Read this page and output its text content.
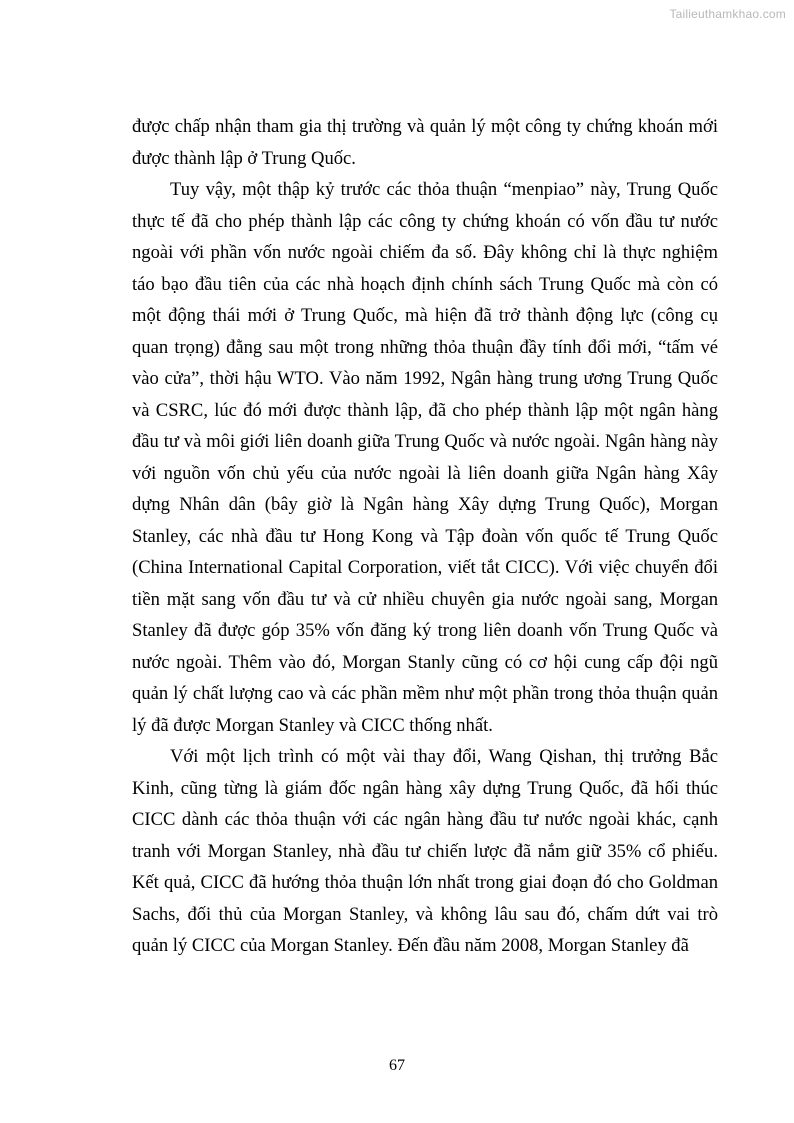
Tailieuthamkhao.com

được chấp nhận tham gia thị trường và quản lý một công ty chứng khoán mới được thành lập ở Trung Quốc.

Tuy vậy, một thập kỷ trước các thỏa thuận “menpiao” này, Trung Quốc thực tế đã cho phép thành lập các công ty chứng khoán có vốn đầu tư nước ngoài với phần vốn nước ngoài chiếm đa số. Đây không chỉ là thực nghiệm táo bạo đầu tiên của các nhà hoạch định chính sách Trung Quốc mà còn có một động thái mới ở Trung Quốc, mà hiện đã trở thành động lực (công cụ quan trọng) đằng sau một trong những thỏa thuận đầy tính đổi mới, “tấm vé vào cửa”, thời hậu WTO. Vào năm 1992, Ngân hàng trung ương Trung Quốc và CSRC, lúc đó mới được thành lập, đã cho phép thành lập một ngân hàng đầu tư và môi giới liên doanh giữa Trung Quốc và nước ngoài. Ngân hàng này với nguồn vốn chủ yếu của nước ngoài là liên doanh giữa Ngân hàng Xây dựng Nhân dân (bây giờ là Ngân hàng Xây dựng Trung Quốc), Morgan Stanley, các nhà đầu tư Hong Kong và Tập đoàn vốn quốc tế Trung Quốc (China International Capital Corporation, viết tắt CICC). Với việc chuyển đổi tiền mặt sang vốn đầu tư và cử nhiều chuyên gia nước ngoài sang, Morgan Stanley đã được góp 35% vốn đăng ký trong liên doanh vốn Trung Quốc và nước ngoài. Thêm vào đó, Morgan Stanly cũng có cơ hội cung cấp đội ngũ quản lý chất lượng cao và các phần mềm như một phần trong thỏa thuận quản lý đã được Morgan Stanley và CICC thống nhất.

Với một lịch trình có một vài thay đổi, Wang Qishan, thị trưởng Bắc Kinh, cũng từng là giám đốc ngân hàng xây dựng Trung Quốc, đã hối thúc CICC dành các thỏa thuận với các ngân hàng đầu tư nước ngoài khác, cạnh tranh với Morgan Stanley, nhà đầu tư chiến lược đã nắm giữ 35% cổ phiếu. Kết quả, CICC đã hướng thỏa thuận lớn nhất trong giai đoạn đó cho Goldman Sachs, đối thủ của Morgan Stanley, và không lâu sau đó, chấm dứt vai trò quản lý CICC của Morgan Stanley. Đến đầu năm 2008, Morgan Stanley đã

67
